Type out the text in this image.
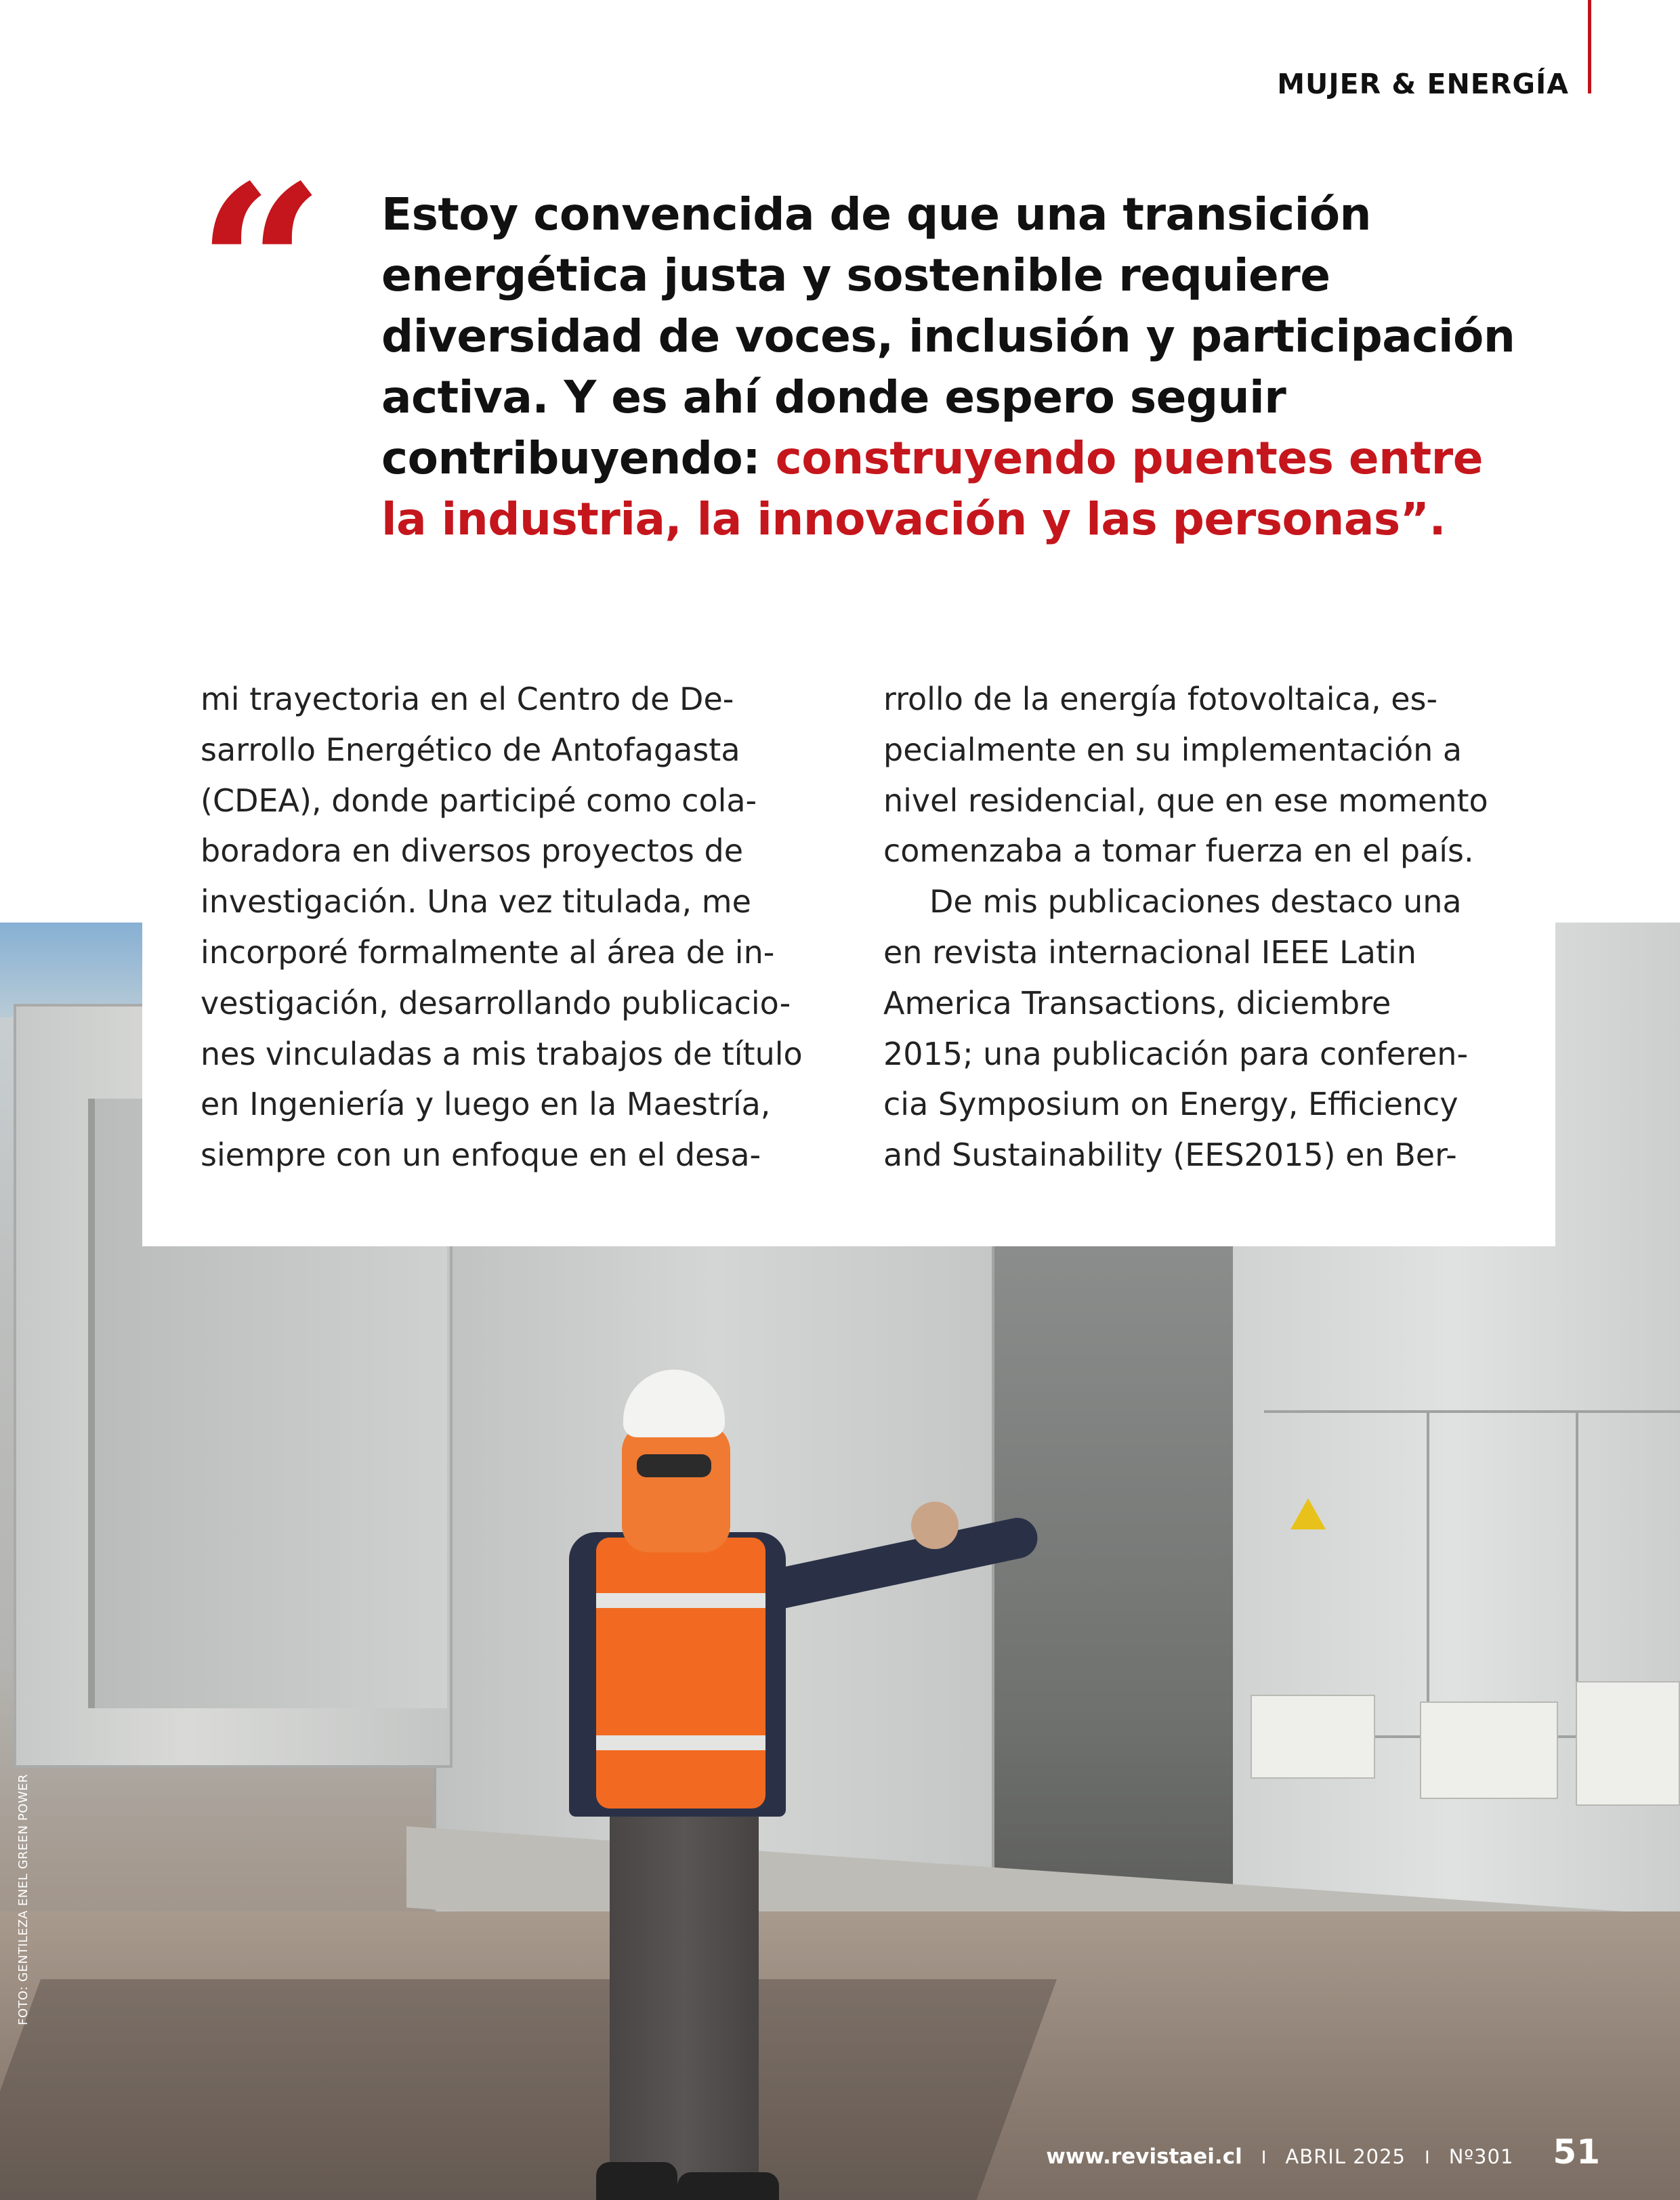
MUJER & ENERGÍA
“ Estoy convencida de que una transición energética justa y sostenible requiere diversidad de voces, inclusión y participación activa. Y es ahí donde espero seguir contribuyendo: construyendo puentes entre la industria, la innovación y las personas”.

mi trayectoria en el Centro de De-
sarrollo Energético de Antofagasta
(CDEA), donde participé como cola-
boradora en diversos proyectos de
investigación. Una vez titulada, me
incorporé formalmente al área de in-
vestigación, desarrollando publicacio-
nes vinculadas a mis trabajos de título
en Ingeniería y luego en la Maestría,
siempre con un enfoque en el desa-

rrollo de la energía fotovoltaica, es-
pecialmente en su implementación a
nivel residencial, que en ese momento
comenzaba a tomar fuerza en el país.

De mis publicaciones destaco una
en revista internacional IEEE Latin
America Transactions, diciembre
2015; una publicación para conferen-
cia Symposium on Energy, Efficiency
and Sustainability (EES2015) en Ber-

FOTO: GENTILEZA ENEL GREEN POWER
www.revistaei.cl I ABRIL 2025 I Nº301 51
